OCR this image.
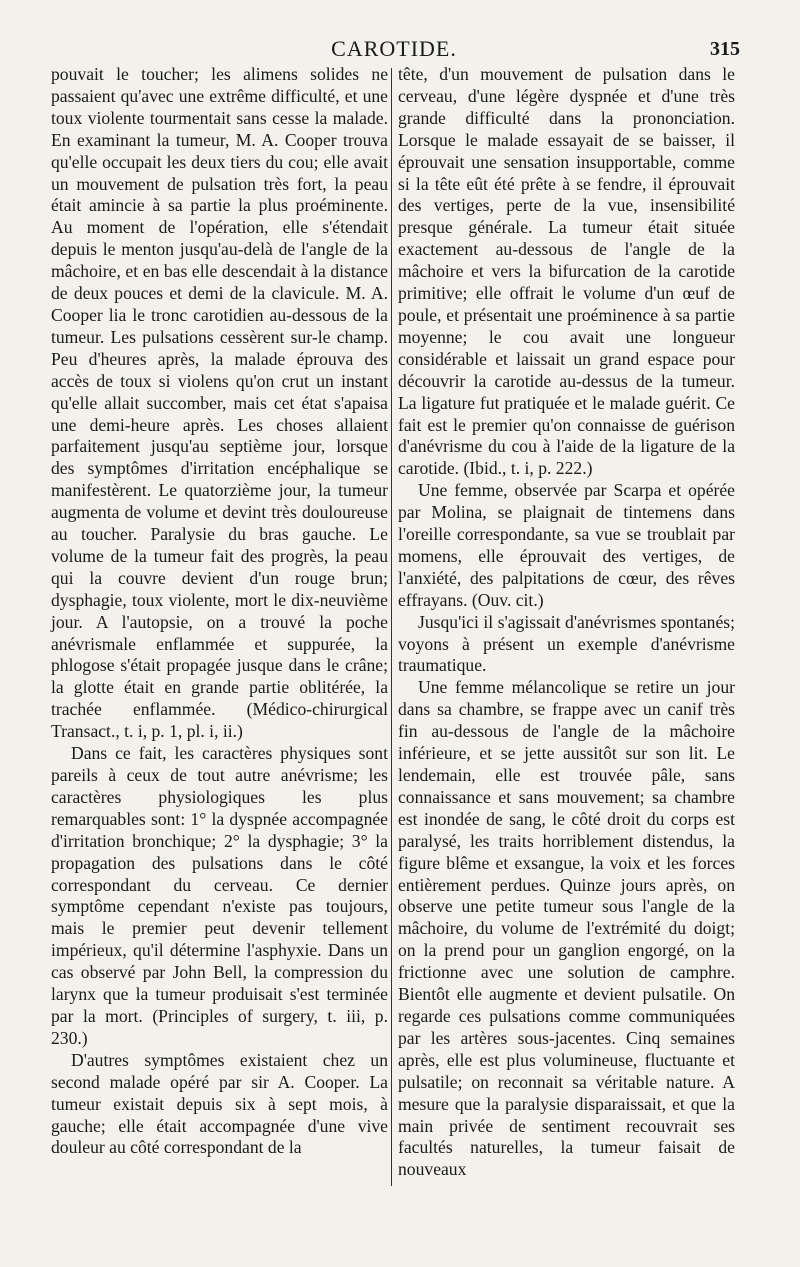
CAROTIDE.	315

pouvait le toucher; les alimens solides ne passaient qu'avec une extrême difficulté, et une toux violente tourmentait sans cesse la malade. En examinant la tumeur, M. A. Cooper trouva qu'elle occupait les deux tiers du cou; elle avait un mouvement de pulsation très fort, la peau était amincie à sa partie la plus proéminente. Au moment de l'opération, elle s'étendait depuis le menton jusqu'au-delà de l'angle de la mâchoire, et en bas elle descendait à la distance de deux pouces et demi de la clavicule. M. A. Cooper lia le tronc carotidien au-dessous de la tumeur. Les pulsations cessèrent sur-le champ. Peu d'heures après, la malade éprouva des accès de toux si violens qu'on crut un instant qu'elle allait succomber, mais cet état s'apaisa une demi-heure après. Les choses allaient parfaitement jusqu'au septième jour, lorsque des symptômes d'irritation encéphalique se manifestèrent. Le quatorzième jour, la tumeur augmenta de volume et devint très douloureuse au toucher. Paralysie du bras gauche. Le volume de la tumeur fait des progrès, la peau qui la couvre devient d'un rouge brun; dysphagie, toux violente, mort le dix-neuvième jour. A l'autopsie, on a trouvé la poche anévrismale enflammée et suppurée, la phlogose s'était propagée jusque dans le crâne; la glotte était en grande partie oblitérée, la trachée enflammée. (Médico-chirurgical Transact., t. i, p. 1, pl. i, ii.)

Dans ce fait, les caractères physiques sont pareils à ceux de tout autre anévrisme; les caractères physiologiques les plus remarquables sont: 1° la dyspnée accompagnée d'irritation bronchique; 2° la dysphagie; 3° la propagation des pulsations dans le côté correspondant du cerveau. Ce dernier symptôme cependant n'existe pas toujours, mais le premier peut devenir tellement impérieux, qu'il détermine l'asphyxie. Dans un cas observé par John Bell, la compression du larynx que la tumeur produisait s'est terminée par la mort. (Principles of surgery, t. iii, p. 230.)

D'autres symptômes existaient chez un second malade opéré par sir A. Cooper. La tumeur existait depuis six à sept mois, à gauche; elle était accompagnée d'une vive douleur au côté correspondant de la

tête, d'un mouvement de pulsation dans le cerveau, d'une légère dyspnée et d'une très grande difficulté dans la prononciation. Lorsque le malade essayait de se baisser, il éprouvait une sensation insupportable, comme si la tête eût été prête à se fendre, il éprouvait des vertiges, perte de la vue, insensibilité presque générale. La tumeur était située exactement au-dessous de l'angle de la mâchoire et vers la bifurcation de la carotide primitive; elle offrait le volume d'un œuf de poule, et présentait une proéminence à sa partie moyenne; le cou avait une longueur considérable et laissait un grand espace pour découvrir la carotide au-dessus de la tumeur. La ligature fut pratiquée et le malade guérit. Ce fait est le premier qu'on connaisse de guérison d'anévrisme du cou à l'aide de la ligature de la carotide. (Ibid., t. i, p. 222.)

Une femme, observée par Scarpa et opérée par Molina, se plaignait de tintemens dans l'oreille correspondante, sa vue se troublait par momens, elle éprouvait des vertiges, de l'anxiété, des palpitations de cœur, des rêves effrayans. (Ouv. cit.)

Jusqu'ici il s'agissait d'anévrismes spontanés; voyons à présent un exemple d'anévrisme traumatique.

Une femme mélancolique se retire un jour dans sa chambre, se frappe avec un canif très fin au-dessous de l'angle de la mâchoire inférieure, et se jette aussitôt sur son lit. Le lendemain, elle est trouvée pâle, sans connaissance et sans mouvement; sa chambre est inondée de sang, le côté droit du corps est paralysé, les traits horriblement distendus, la figure blême et exsangue, la voix et les forces entièrement perdues. Quinze jours après, on observe une petite tumeur sous l'angle de la mâchoire, du volume de l'extrémité du doigt; on la prend pour un ganglion engorgé, on la frictionne avec une solution de camphre. Bientôt elle augmente et devient pulsatile. On regarde ces pulsations comme communiquées par les artères sous-jacentes. Cinq semaines après, elle est plus volumineuse, fluctuante et pulsatile; on reconnait sa véritable nature. A mesure que la paralysie disparaissait, et que la main privée de sentiment recouvrait ses facultés naturelles, la tumeur faisait de nouveaux
